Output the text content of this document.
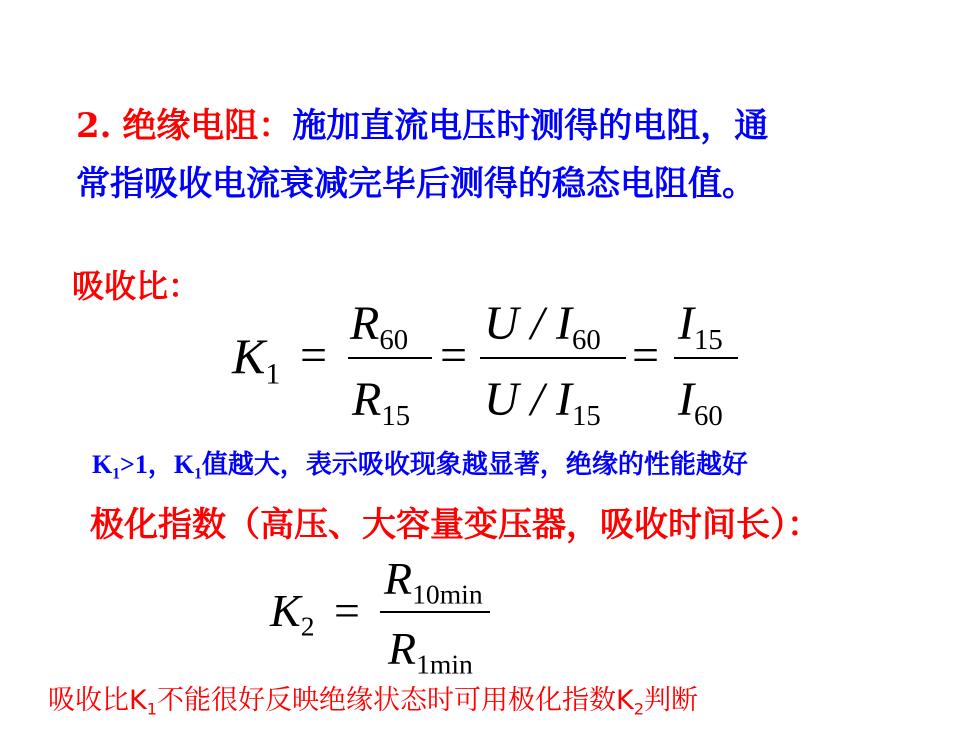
2. 绝缘电阻：施加直流电压时测得的电阻，通
常指吸收电流衰减完毕后测得的稳态电阻值。
吸收比：
$K_1$ =
$R_{60}$
$R_{15}$
=
U / $I_{60}$
U / $I_{15}$
=
$I_{15}$
$I_{60}$
$K_1>1$，$K_1$值越大，表示吸收现象越显著，绝缘的性能越好
极化指数（高压、大容量变压器，吸收时间长）：
$K_2$ =
$R_{10min}$
$R_{1min}$
吸收比$K_1$不能很好反映绝缘状态时可用极化指数$K_2$判断
